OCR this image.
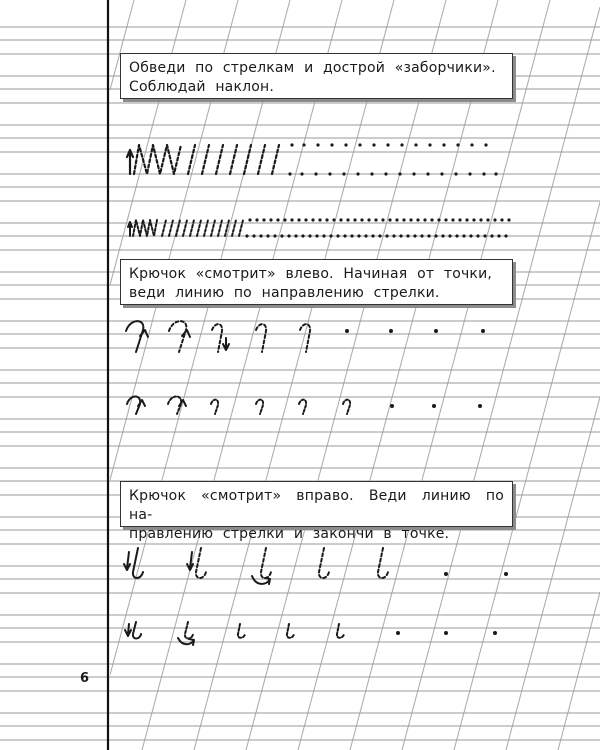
Обведи по стрелкам и дострой «заборчики».
Соблюдай наклон.
Крючок «смотрит» влево. Начиная от точки,
веди линию по направлению стрелки.
Крючок «смотрит» вправо. Веди линию по на-
правлению стрелки и закончи в точке.
6
